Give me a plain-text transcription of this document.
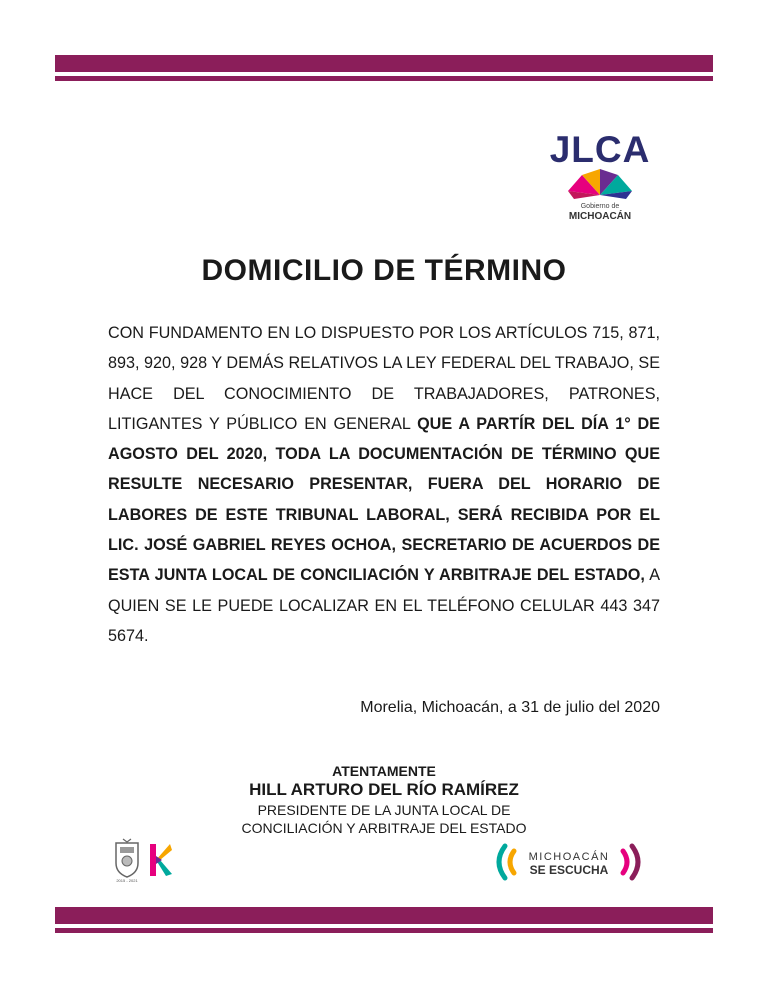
JLCA
Gobierno de
MICHOACÁN
DOMICILIO DE TÉRMINO
CON FUNDAMENTO EN LO DISPUESTO POR LOS ARTÍCULOS 715, 871, 893, 920, 928 Y DEMÁS RELATIVOS LA LEY FEDERAL DEL TRABAJO, SE HACE DEL CONOCIMIENTO DE TRABAJADORES, PATRONES, LITIGANTES Y PÚBLICO EN GENERAL QUE A PARTÍR DEL DÍA 1° DE AGOSTO DEL 2020, TODA LA DOCUMENTACIÓN DE TÉRMINO QUE RESULTE NECESARIO PRESENTAR, FUERA DEL HORARIO DE LABORES DE ESTE TRIBUNAL LABORAL, SERÁ RECIBIDA POR EL LIC. JOSÉ GABRIEL REYES OCHOA, SECRETARIO DE ACUERDOS DE ESTA JUNTA LOCAL DE CONCILIACIÓN Y ARBITRAJE DEL ESTADO, A QUIEN SE LE PUEDE LOCALIZAR EN EL TELÉFONO CELULAR 443 347 5674.
Morelia, Michoacán, a 31 de julio del 2020
ATENTAMENTE
HILL ARTURO DEL RÍO RAMÍREZ
PRESIDENTE DE LA JUNTA LOCAL DE
CONCILIACIÓN Y ARBITRAJE DEL ESTADO
2015 - 2021
MICHOACÁN
SE ESCUCHA
